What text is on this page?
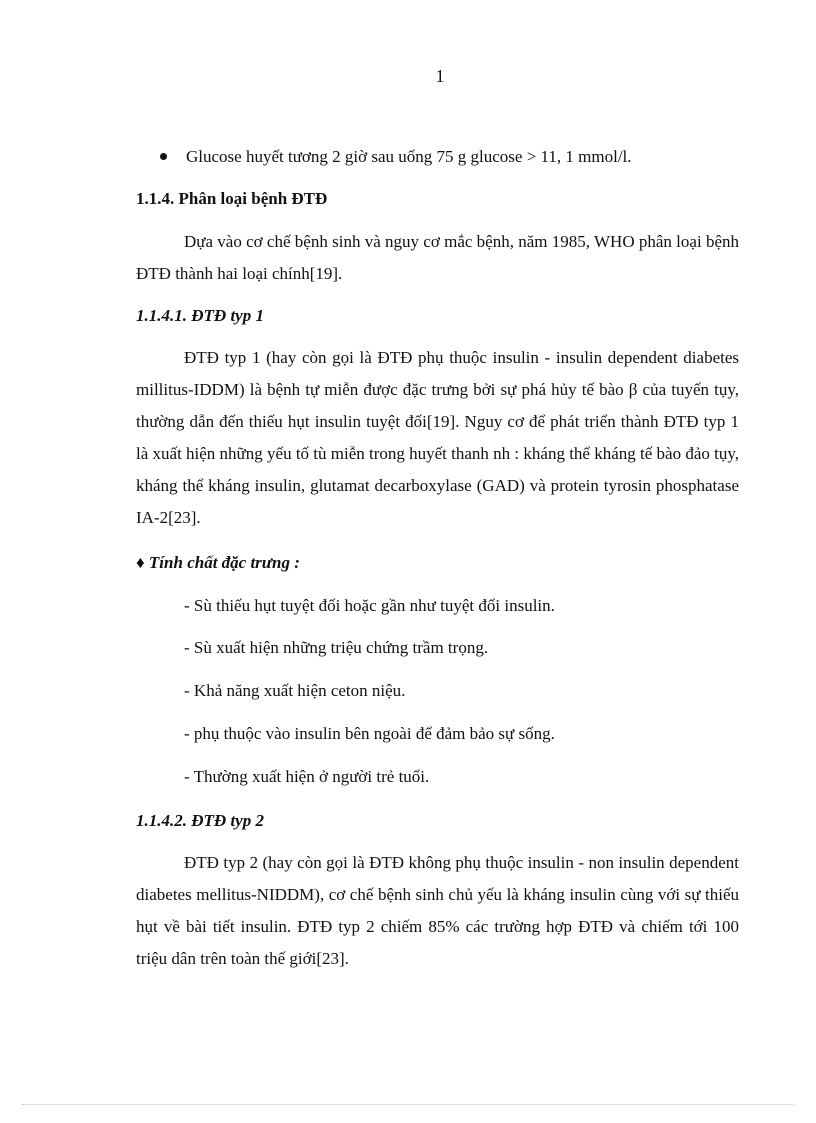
1
Glucose huyết tương 2 giờ sau uống 75 g glucose > 11, 1 mmol/l.
1.1.4. Phân loại bệnh ĐTĐ
Dựa vào cơ chế bệnh sinh và nguy cơ mắc bệnh, năm 1985, WHO phân loại bệnh ĐTĐ thành hai loại chính[19].
1.1.4.1. ĐTĐ typ 1
ĐTĐ typ 1 (hay còn gọi là ĐTĐ phụ thuộc insulin - insulin dependent diabetes millitus-IDDM) là bệnh tự miễn được đặc trưng bởi sự phá hủy tế bào β của tuyến tụy, thường dẫn đến thiếu hụt insulin tuyệt đối[19]. Nguy cơ để phát triển thành ĐTĐ typ 1 là xuất hiện những yếu tố tù miễn trong huyết thanh nh : kháng thể kháng tế bào đảo tụy, kháng thể kháng insulin, glutamat decarboxylase (GAD) và protein tyrosin phosphatase IA-2[23].
♦ Tính chất đặc trưng :
- Sù thiếu hụt tuyệt đối hoặc gần như tuyệt đối insulin.
- Sù xuất hiện những triệu chứng trầm trọng.
- Khả năng xuất hiện ceton niệu.
- phụ thuộc vào insulin bên ngoài để đảm bảo sự sống.
- Thường xuất hiện ở người trẻ tuổi.
1.1.4.2. ĐTĐ typ 2
ĐTĐ typ 2 (hay còn gọi là ĐTĐ không phụ thuộc insulin - non insulin dependent diabetes mellitus-NIDDM), cơ chế bệnh sinh chủ yếu là kháng insulin cùng với sự thiếu hụt về bài tiết insulin. ĐTĐ typ 2 chiếm 85% các trường hợp ĐTĐ và chiếm tới 100 triệu dân trên toàn thế giới[23].
